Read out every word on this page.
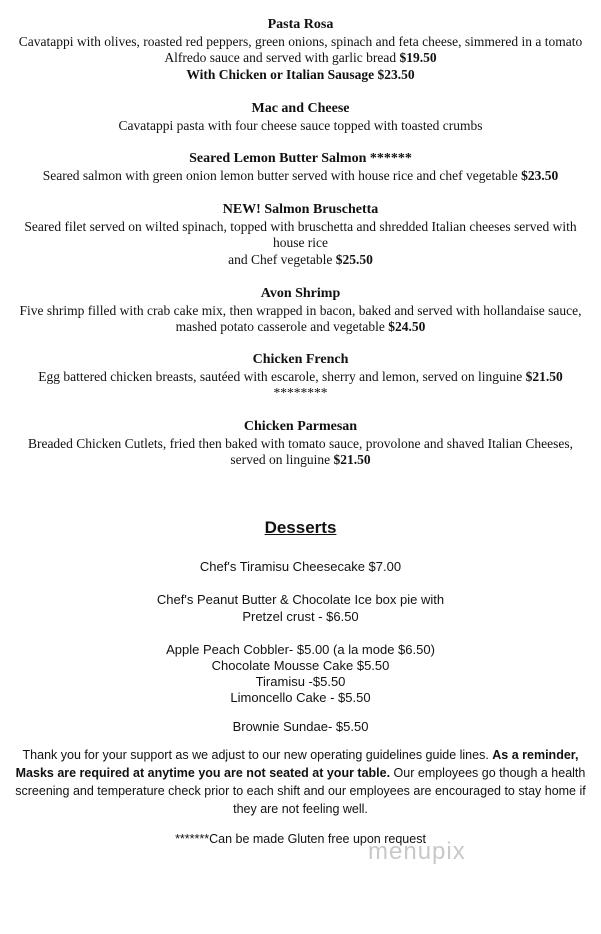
Pasta Rosa
Cavatappi with olives, roasted red peppers, green onions, spinach and feta cheese, simmered in a tomato
Alfredo sauce and served with garlic bread $19.50
With Chicken or Italian Sausage $23.50
Mac and Cheese
Cavatappi pasta with four cheese sauce topped with toasted crumbs
Seared Lemon Butter Salmon ******
Seared salmon with green onion lemon butter served with house rice and chef vegetable $23.50
NEW! Salmon Bruschetta
Seared filet served on wilted spinach, topped with bruschetta and shredded Italian cheeses served with
house rice
and Chef vegetable $25.50
Avon Shrimp
Five shrimp filled with crab cake mix, then wrapped in bacon, baked and served with hollandaise sauce,
mashed potato casserole and vegetable $24.50
Chicken French
Egg battered chicken breasts, sautéed with escarole, sherry and lemon, served on linguine $21.50
********
Chicken Parmesan
Breaded Chicken Cutlets, fried then baked with tomato sauce, provolone and shaved Italian Cheeses,
served on linguine $21.50
Desserts
Chef's Tiramisu Cheesecake $7.00
Chef's Peanut Butter & Chocolate Ice box pie with
Pretzel crust - $6.50
Apple Peach Cobbler- $5.00 (a la mode $6.50)
Chocolate Mousse Cake $5.50
Tiramisu -$5.50
Limoncello Cake - $5.50
Brownie Sundae- $5.50
Thank you for your support as we adjust to our new operating guidelines guide lines. As a reminder, Masks are required at anytime you are not seated at your table. Our employees go though a health screening and temperature check prior to each shift and our employees are encouraged to stay home if they are not feeling well.
*******Can be made Gluten free upon request
menupix
